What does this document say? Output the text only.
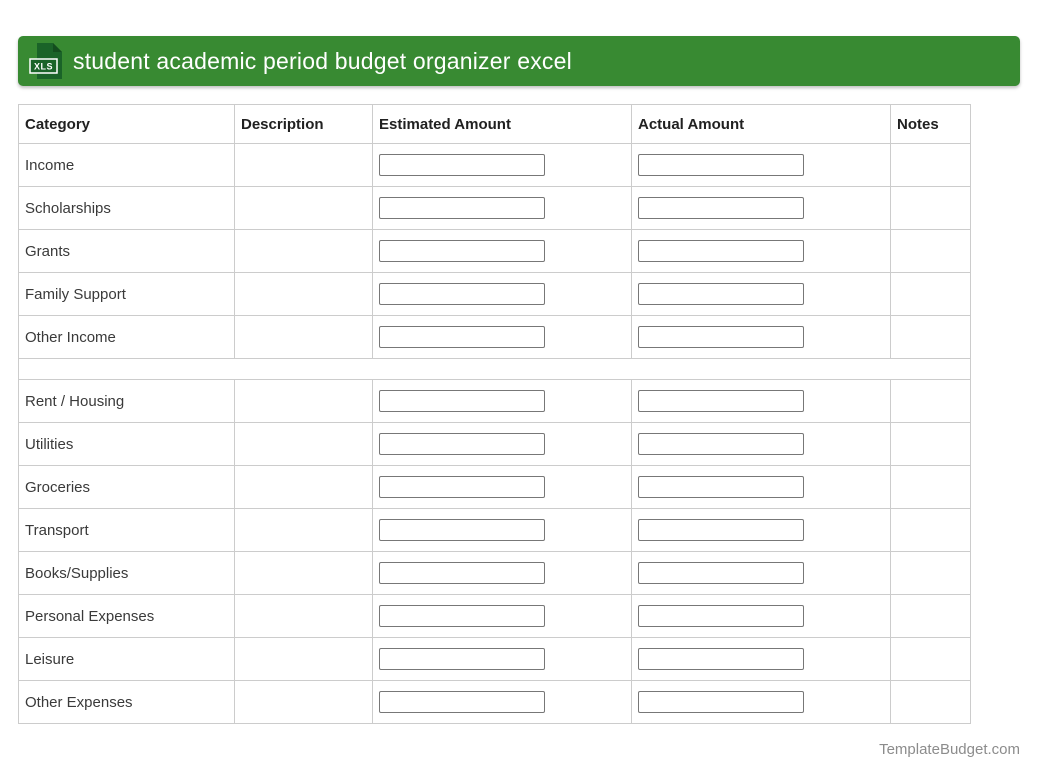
XLS student academic period budget organizer excel
Category	Description	Estimated Amount	Actual Amount	Notes
Income				
Scholarships				
Grants				
Family Support				
Other Income				

Rent / Housing				
Utilities				
Groceries				
Transport				
Books/Supplies				
Personal Expenses				
Leisure				
Other Expenses				
TemplateBudget.com
